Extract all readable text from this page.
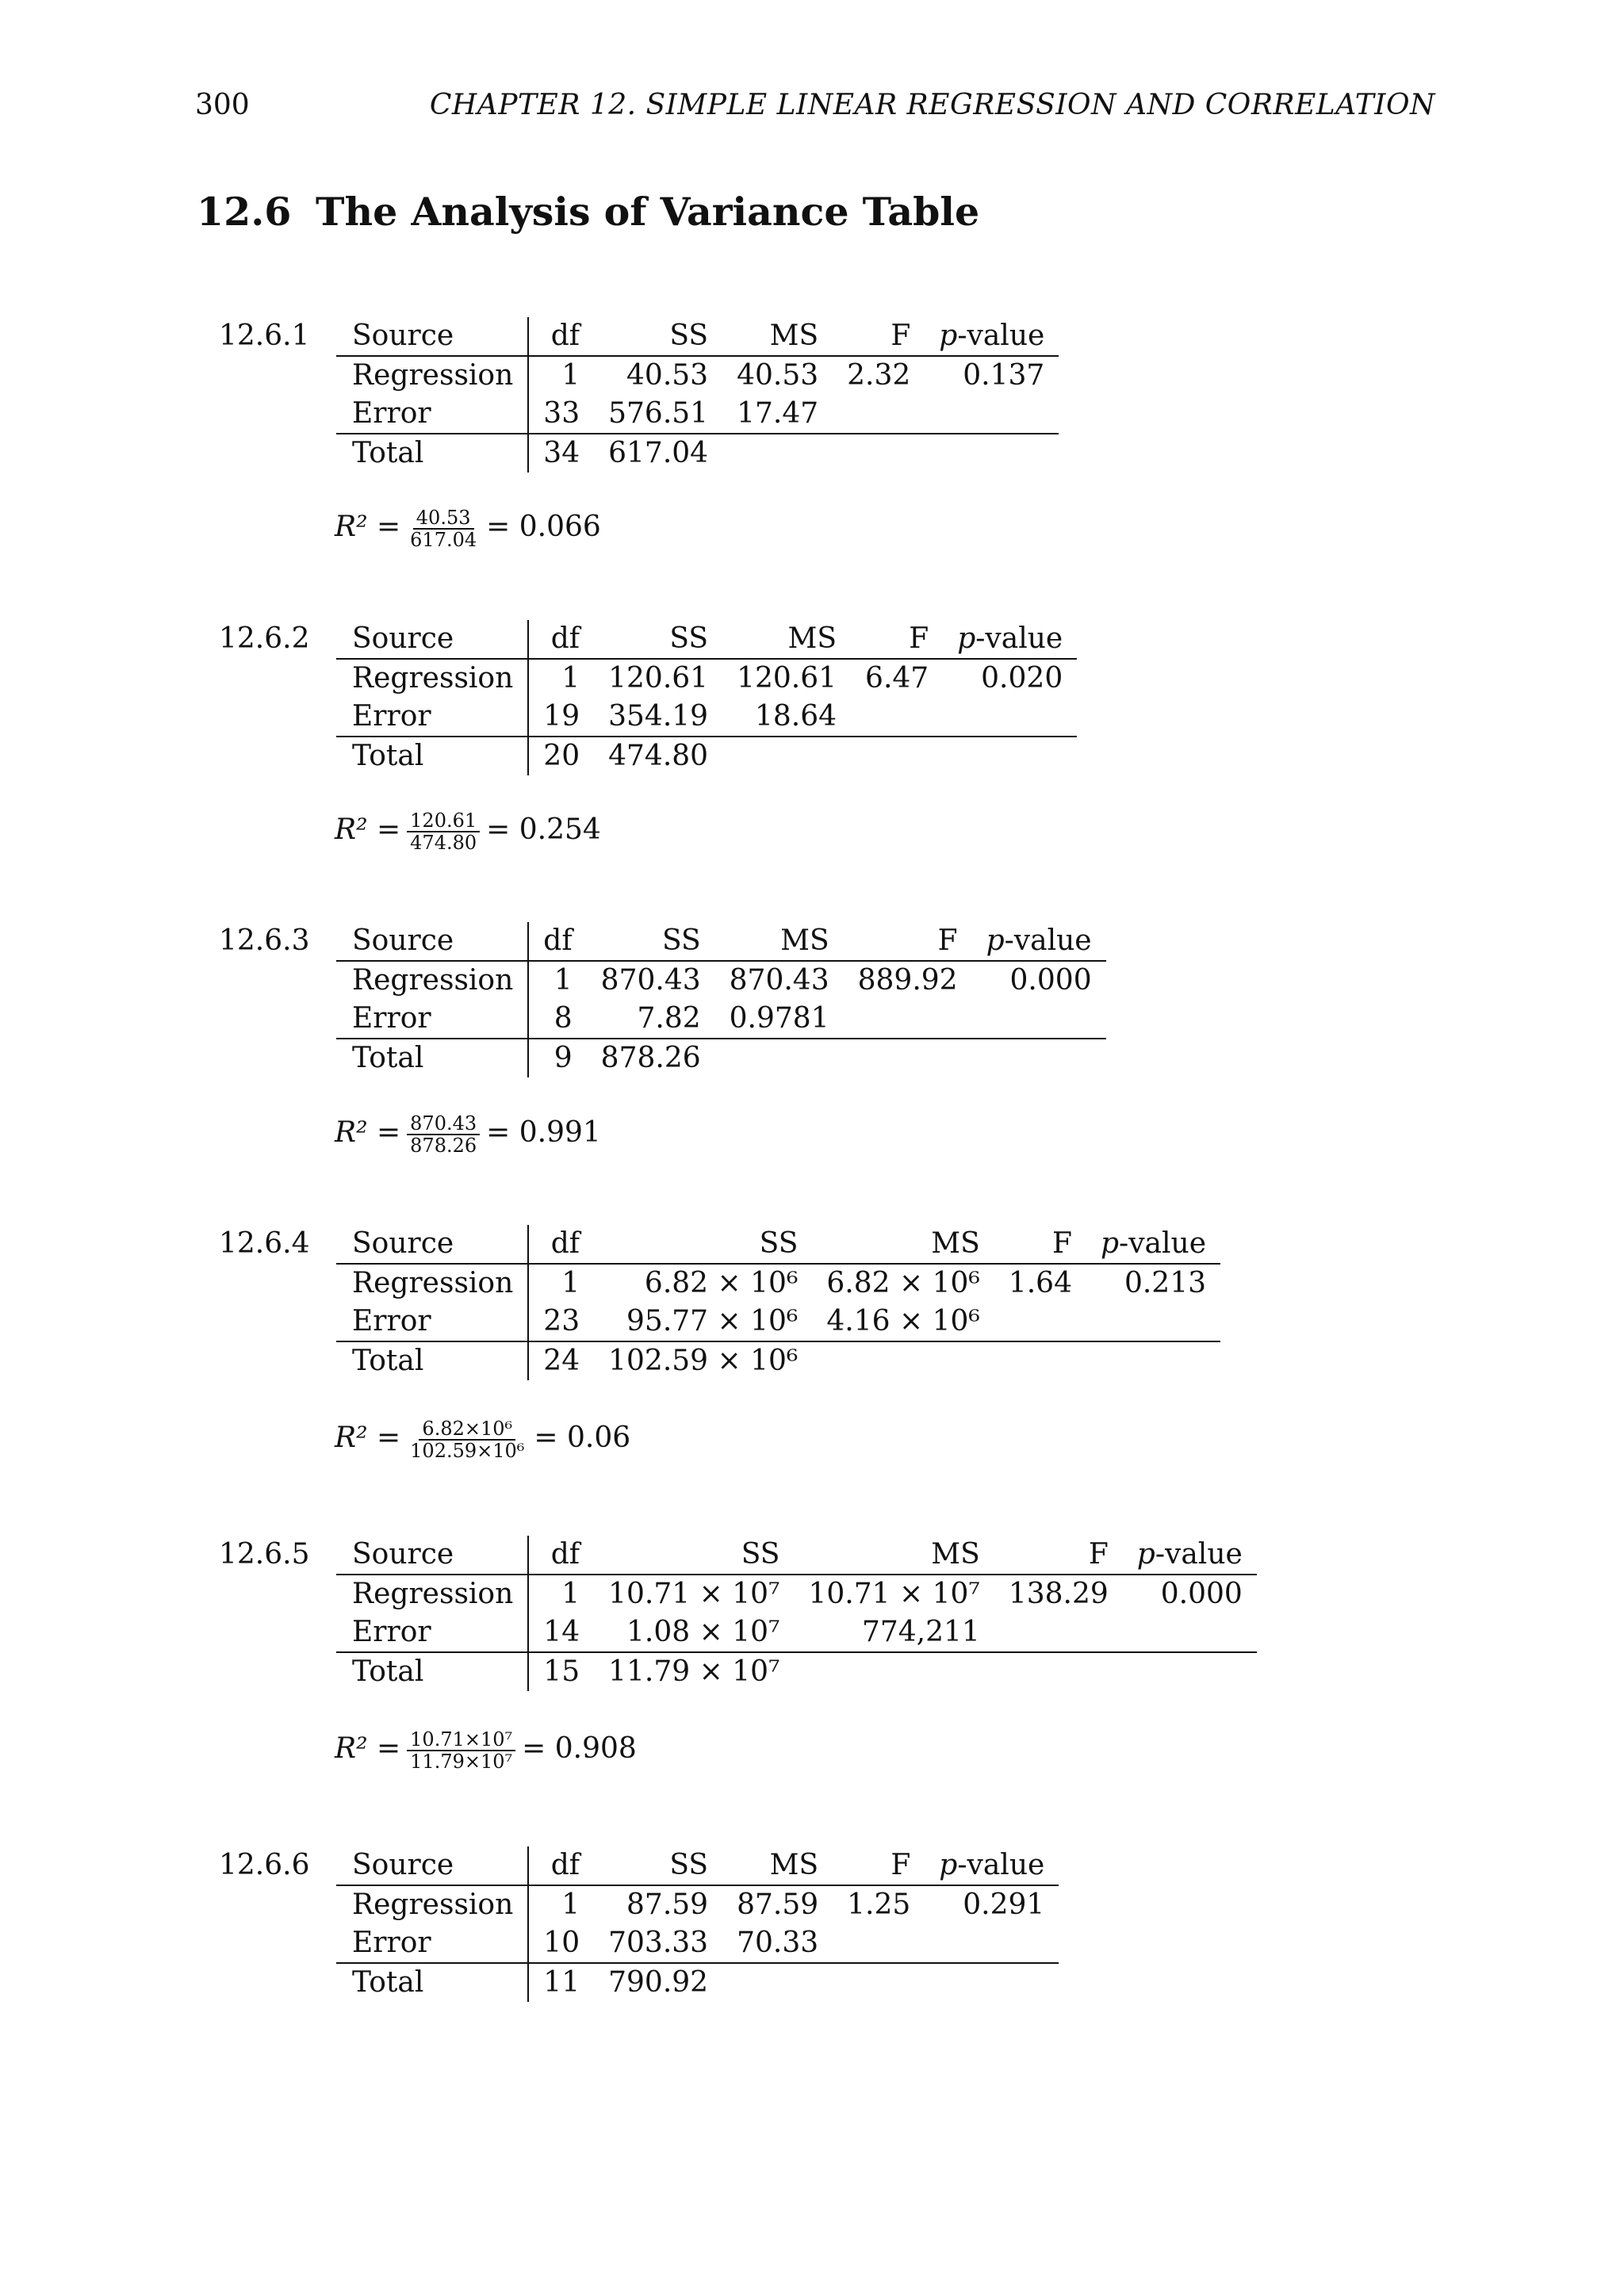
300	CHAPTER 12. SIMPLE LINEAR REGRESSION AND CORRELATION
12.6 The Analysis of Variance Table
12.6.1 Source	df	SS	MS	F	p-value
Regression	1	40.53	40.53	2.32	0.137
Error	33	576.51	17.47		
Total	34	617.04			
$R^2 = \frac{40.53}{617.04} = 0.066$
12.6.2 Source	df	SS	MS	F	p-value
Regression	1	120.61	120.61	6.47	0.020
Error	19	354.19	18.64		
Total	20	474.80			
$R^2 = \frac{120.61}{474.80} = 0.254$
12.6.3 Source	df	SS	MS	F	p-value
Regression	1	870.43	870.43	889.92	0.000
Error	8	7.82	0.9781		
Total	9	878.26			
$R^2 = \frac{870.43}{878.26} = 0.991$
12.6.4 Source	df	SS	MS	F	p-value
Regression	1	6.82 × 10⁶	6.82 × 10⁶	1.64	0.213
Error	23	95.77 × 10⁶	4.16 × 10⁶		
Total	24	102.59 × 10⁶			
$R^2 = \frac{\text{6.82×10⁶}}{\text{102.59×10⁶}} = 0.06$
12.6.5 Source	df	SS	MS	F	p-value
Regression	1	10.71 × 10⁷	10.71 × 10⁷	138.29	0.000
Error	14	1.08 × 10⁷	774,211		
Total	15	11.79 × 10⁷			
$R^2 = \frac{\text{10.71×10⁷}}{\text{11.79×10⁷}} = 0.908$
12.6.6 Source	df	SS	MS	F	p-value
Regression	1	87.59	87.59	1.25	0.291
Error	10	703.33	70.33		
Total	11	790.92			
